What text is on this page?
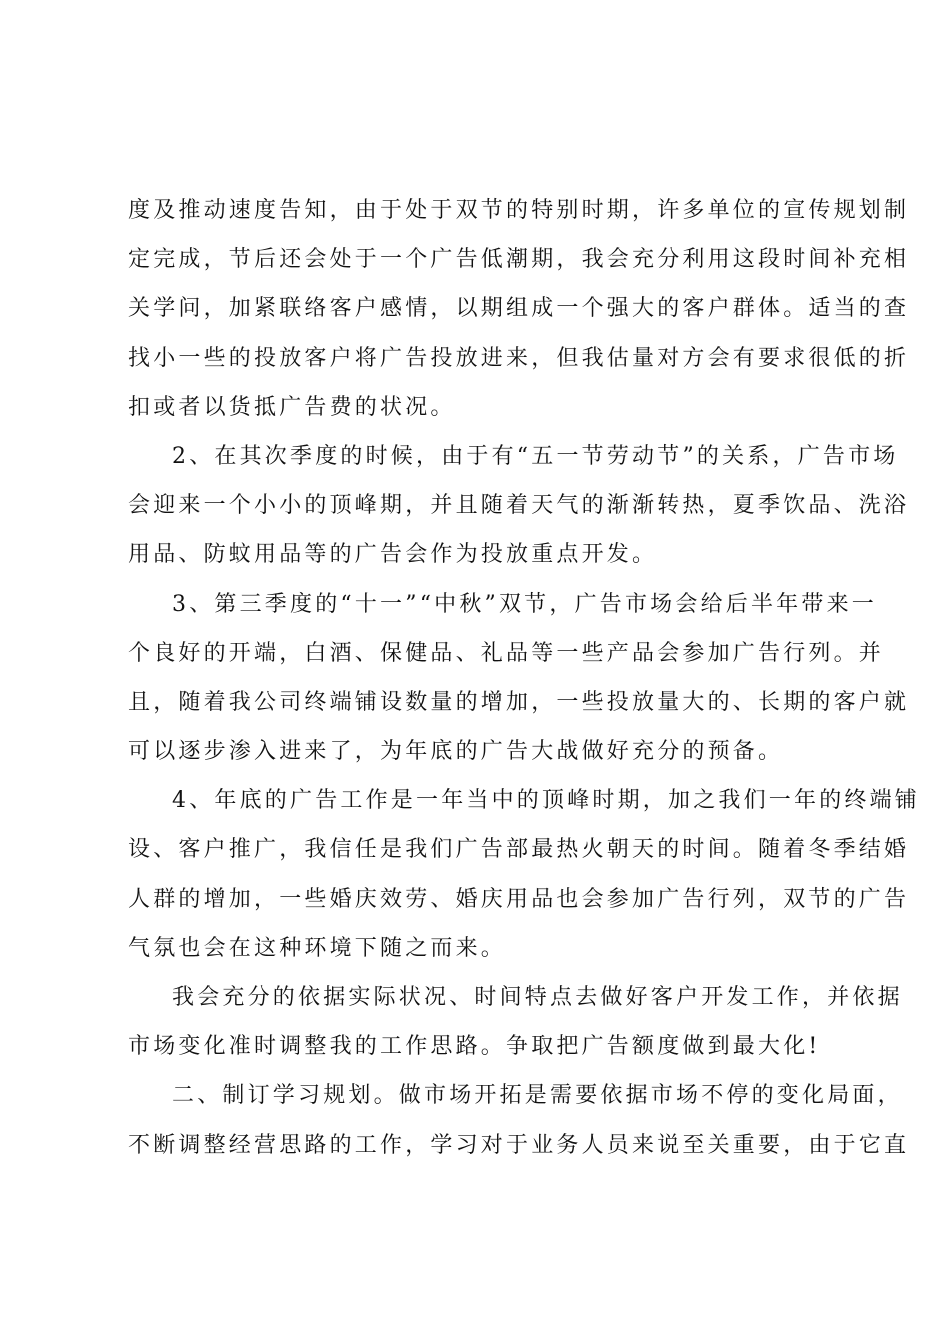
度及推动速度告知，由于处于双节的特别时期，许多单位的宣传规划制
定完成，节后还会处于一个广告低潮期，我会充分利用这段时间补充相
关学问，加紧联络客户感情，以期组成一个强大的客户群体。适当的查
找小一些的投放客户将广告投放进来，但我估量对方会有要求很低的折
扣或者以货抵广告费的状况。
2、在其次季度的时候，由于有“五一节劳动节”的关系，广告市场
会迎来一个小小的顶峰期，并且随着天气的渐渐转热，夏季饮品、洗浴
用品、防蚊用品等的广告会作为投放重点开发。
3、第三季度的“十一”“中秋”双节，广告市场会给后半年带来一
个良好的开端，白酒、保健品、礼品等一些产品会参加广告行列。并
且，随着我公司终端铺设数量的增加，一些投放量大的、长期的客户就
可以逐步渗入进来了，为年底的广告大战做好充分的预备。
4、年底的广告工作是一年当中的顶峰时期，加之我们一年的终端铺
设、客户推广，我信任是我们广告部最热火朝天的时间。随着冬季结婚
人群的增加，一些婚庆效劳、婚庆用品也会参加广告行列，双节的广告
气氛也会在这种环境下随之而来。
我会充分的依据实际状况、时间特点去做好客户开发工作，并依据
市场变化准时调整我的工作思路。争取把广告额度做到最大化!
二、制订学习规划。做市场开拓是需要依据市场不停的变化局面，
不断调整经营思路的工作，学习对于业务人员来说至关重要，由于它直
